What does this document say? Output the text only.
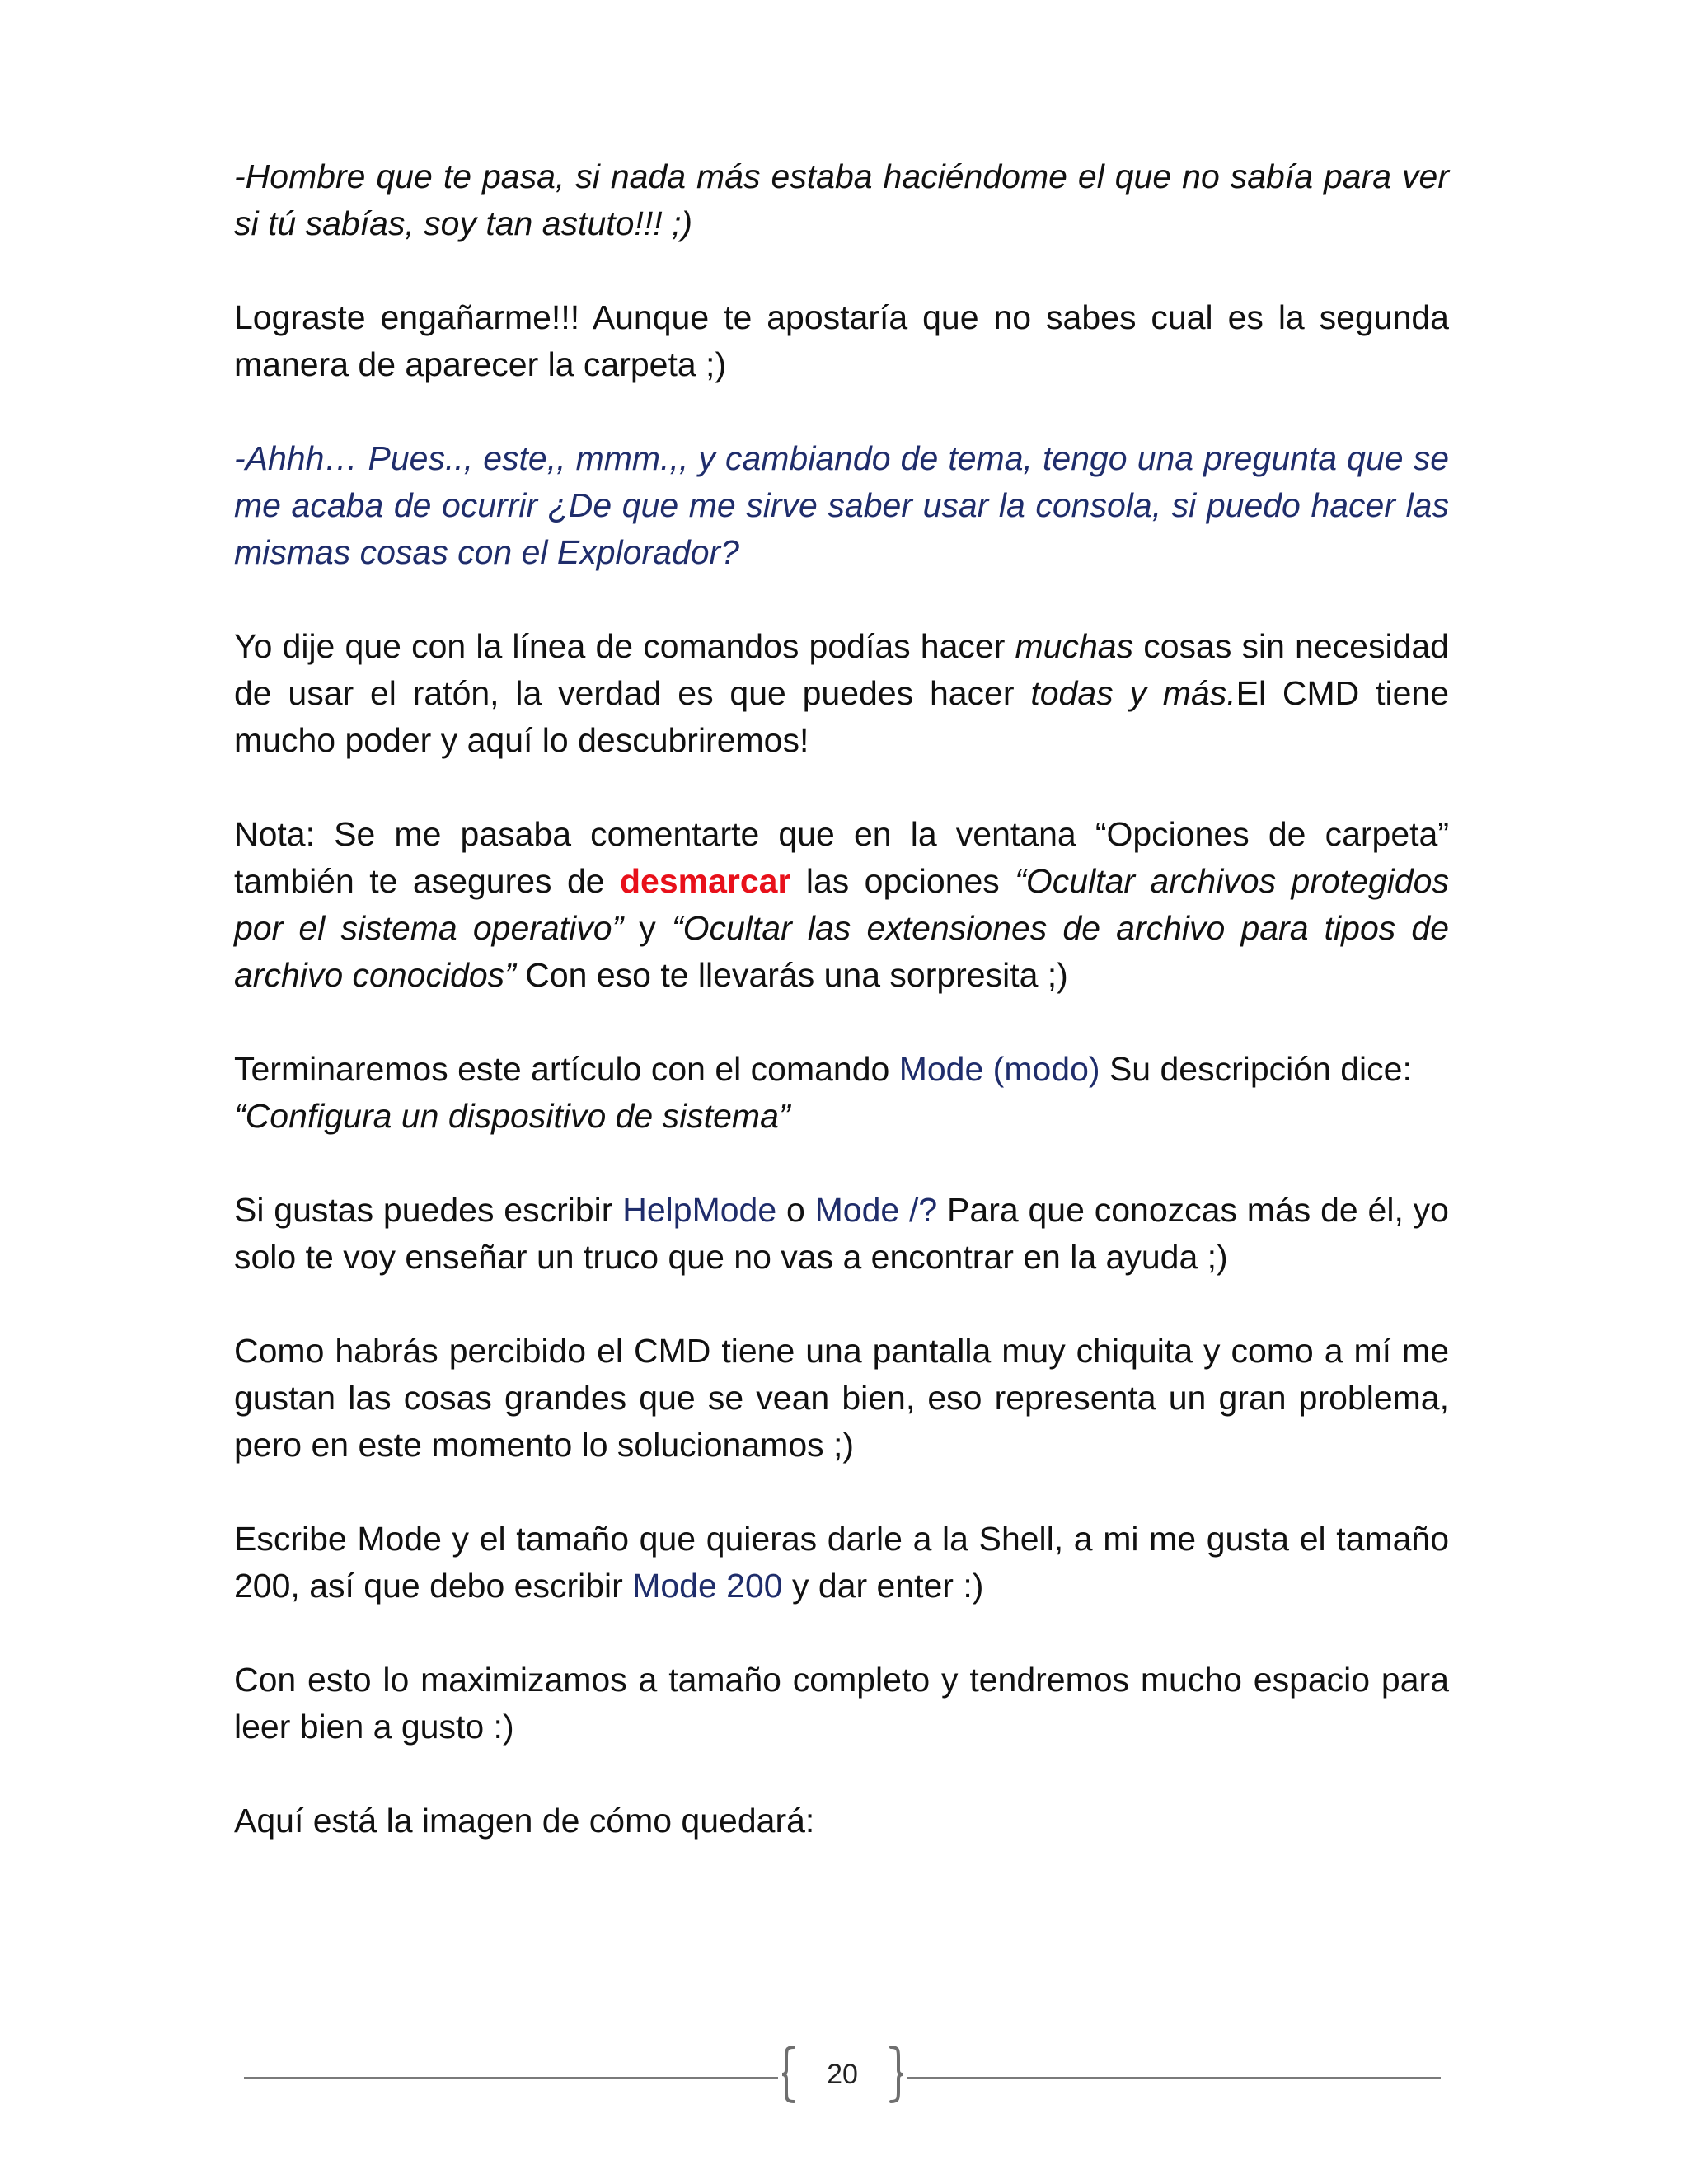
-Hombre que te pasa, si nada más estaba haciéndome el que no sabía para ver si tú sabías, soy tan astuto!!! ;)

Lograste engañarme!!! Aunque te apostaría que no sabes cual es la segunda manera de aparecer la carpeta ;)

-Ahhh… Pues.., este,, mmm.,, y cambiando de tema, tengo una pregunta que se me acaba de ocurrir ¿De que me sirve saber usar la consola, si puedo hacer las mismas cosas con el Explorador?

Yo dije que con la línea de comandos podías hacer muchas cosas sin necesidad de usar el ratón, la verdad es que puedes hacer todas y más.El CMD tiene mucho poder y aquí lo descubriremos!

Nota: Se me pasaba comentarte que en la ventana “Opciones de carpeta” también te asegures de desmarcar las opciones “Ocultar archivos protegidos por el sistema operativo” y “Ocultar las extensiones de archivo para tipos de archivo conocidos” Con eso te llevarás una sorpresita ;)

Terminaremos este artículo con el comando Mode (modo) Su descripción dice:
“Configura un dispositivo de sistema”

Si gustas puedes escribir HelpMode o Mode /? Para que conozcas más de él, yo solo te voy enseñar un truco que no vas a encontrar en la ayuda ;)

Como habrás percibido el CMD tiene una pantalla muy chiquita y como a mí me gustan las cosas grandes que se vean bien, eso representa un gran problema, pero en este momento lo solucionamos ;)

Escribe Mode y el tamaño que quieras darle a la Shell, a mi me gusta el tamaño 200, así que debo escribir Mode 200 y dar enter :)

Con esto lo maximizamos a tamaño completo y tendremos mucho espacio para leer bien a gusto :)

Aquí está la imagen de cómo quedará:

20
